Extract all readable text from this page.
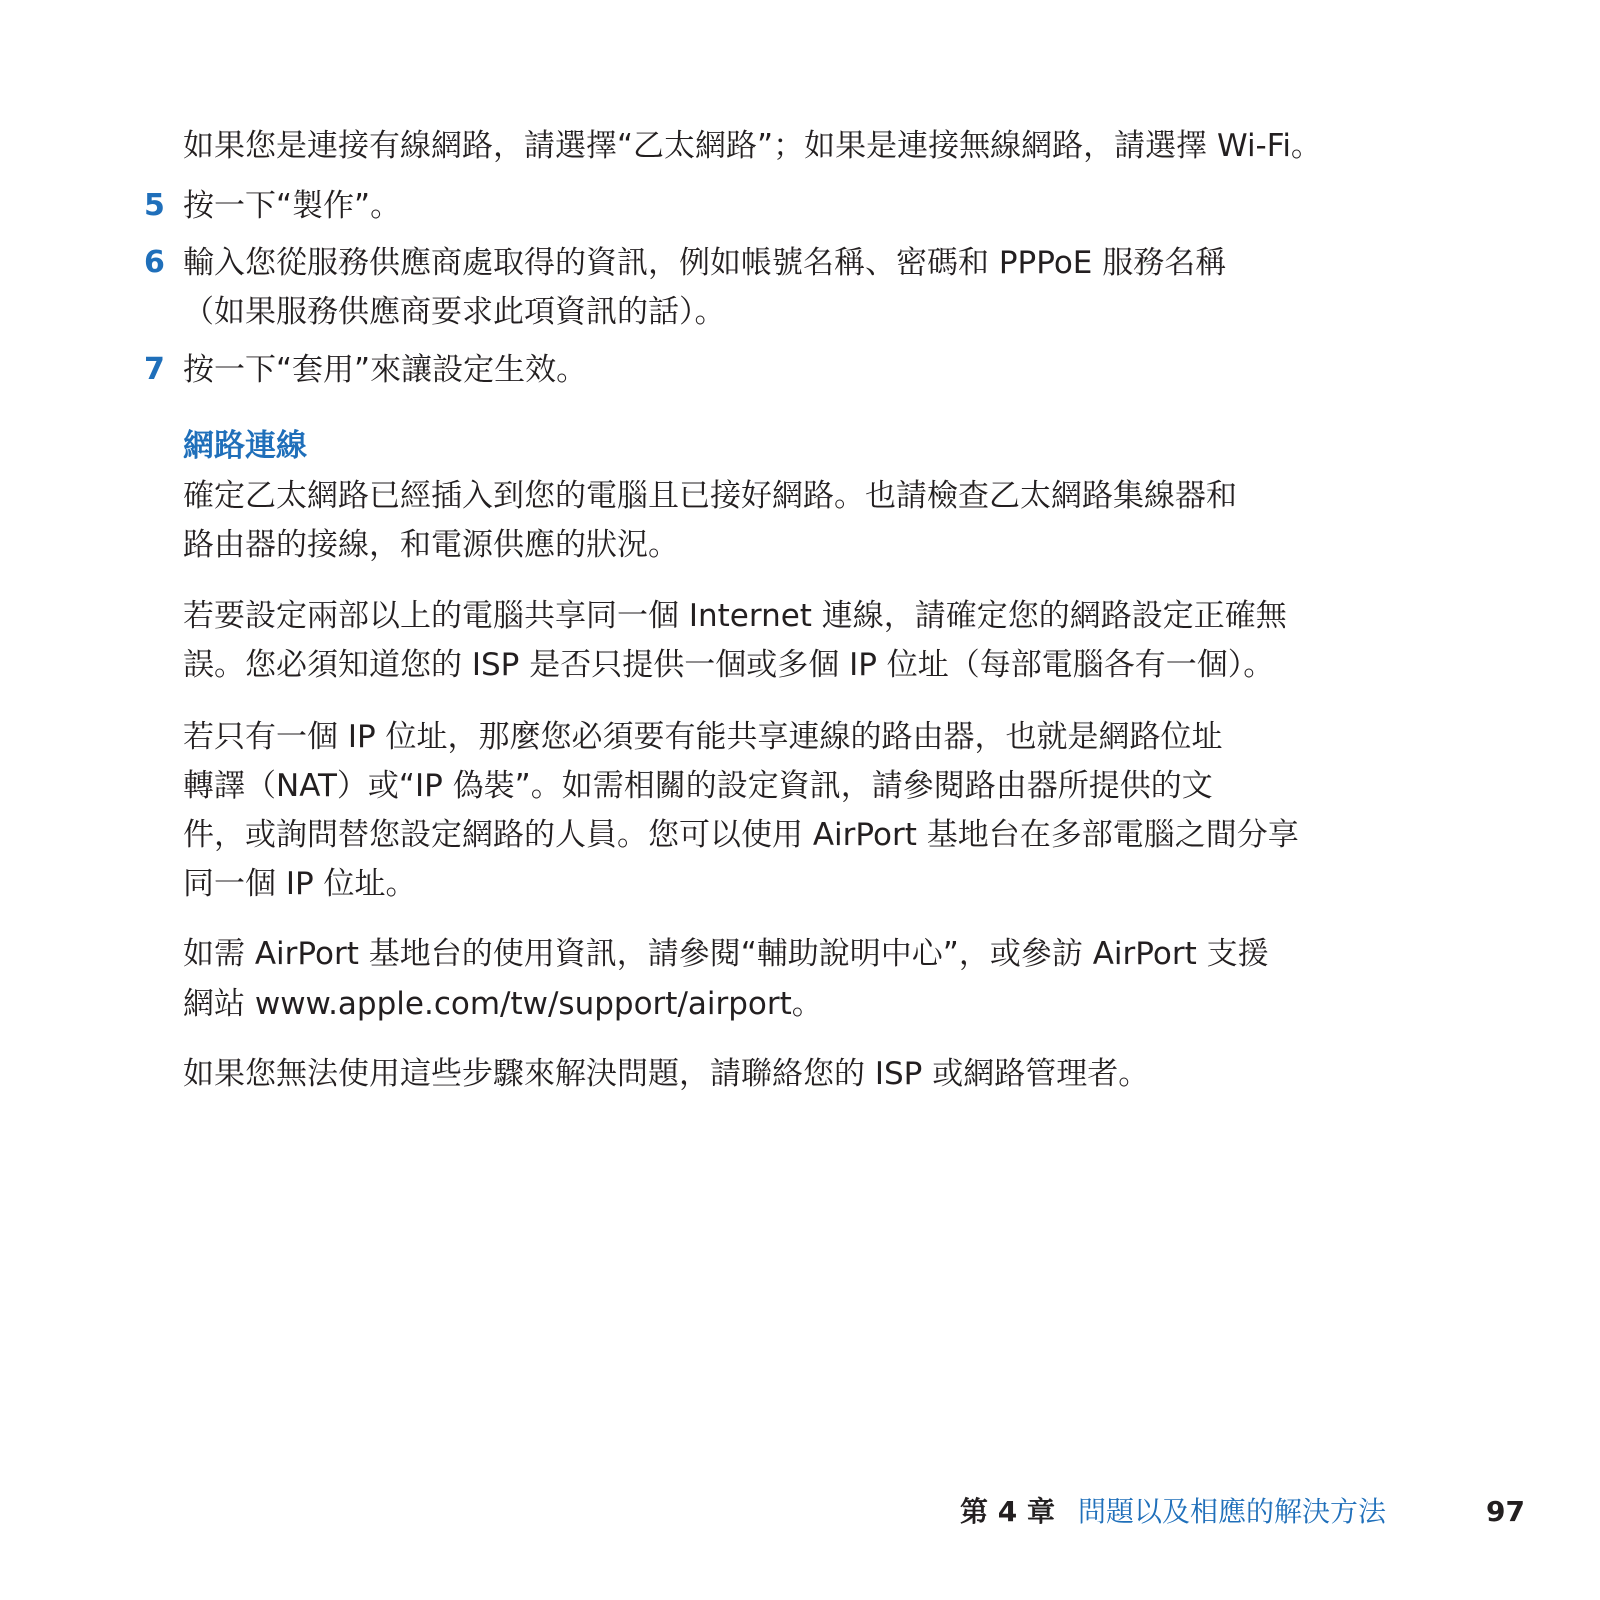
如果您是連接有線網路，請選擇“乙太網路”；如果是連接無線網路，請選擇 Wi-Fi。
5 按一下“製作”。
6 輸入您從服務供應商處取得的資訊，例如帳號名稱、密碼和 PPPoE 服務名稱
（如果服務供應商要求此項資訊的話）。
7 按一下“套用”來讓設定生效。
網路連線
確定乙太網路已經插入到您的電腦且已接好網路。也請檢查乙太網路集線器和
路由器的接線，和電源供應的狀況。
若要設定兩部以上的電腦共享同一個 Internet 連線，請確定您的網路設定正確無
誤。您必須知道您的 ISP 是否只提供一個或多個 IP 位址（每部電腦各有一個）。
若只有一個 IP 位址，那麼您必須要有能共享連線的路由器，也就是網路位址
轉譯（NAT）或“IP 偽裝”。如需相關的設定資訊，請參閱路由器所提供的文
件，或詢問替您設定網路的人員。您可以使用 AirPort 基地台在多部電腦之間分享
同一個 IP 位址。
如需 AirPort 基地台的使用資訊，請參閱“輔助說明中心”，或參訪 AirPort 支援
網站 www.apple.com/tw/support/airport。
如果您無法使用這些步驟來解決問題，請聯絡您的 ISP 或網路管理者。
第 4 章 問題以及相應的解決方法	97
